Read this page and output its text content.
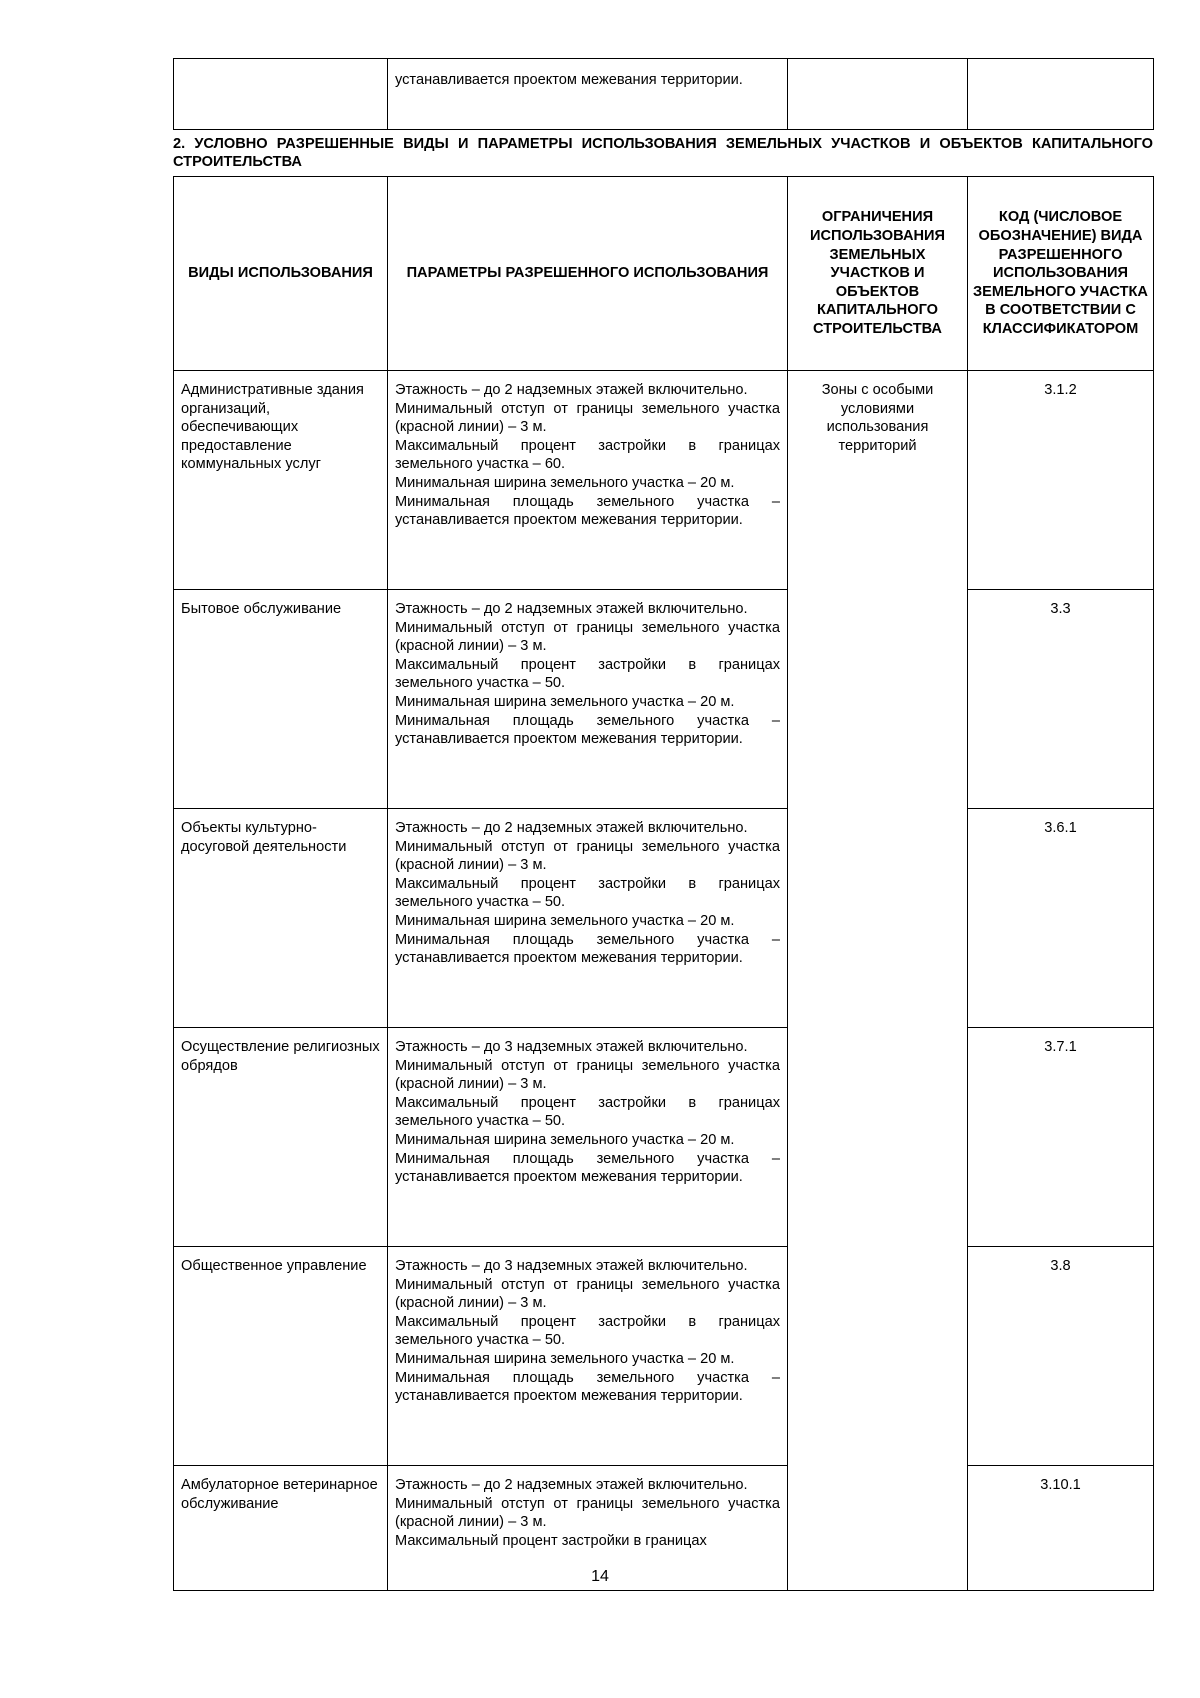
устанавливается проектом межевания территории.

2. УСЛОВНО РАЗРЕШЕННЫЕ ВИДЫ И ПАРАМЕТРЫ ИСПОЛЬЗОВАНИЯ ЗЕМЕЛЬНЫХ УЧАСТКОВ И ОБЪЕКТОВ КАПИТАЛЬНОГО СТРОИТЕЛЬСТВА
ВИДЫ ИСПОЛЬЗОВАНИЯ	ПАРАМЕТРЫ РАЗРЕШЕННОГО ИСПОЛЬЗОВАНИЯ	ОГРАНИЧЕНИЯ ИСПОЛЬЗОВАНИЯ ЗЕМЕЛЬНЫХ УЧАСТКОВ И ОБЪЕКТОВ КАПИТАЛЬНОГО СТРОИТЕЛЬСТВА	КОД (ЧИСЛОВОЕ ОБОЗНАЧЕНИЕ) ВИДА РАЗРЕШЕННОГО ИСПОЛЬЗОВАНИЯ ЗЕМЕЛЬНОГО УЧАСТКА В СООТВЕТСТВИИ С КЛАССИФИКАТОРОМ
Административные здания организаций, обеспечивающих предоставление коммунальных услуг	Этажность – до 2 надземных этажей включительно.
Минимальный отступ от границы земельного участка (красной линии) – 3 м.
Максимальный процент застройки в границах земельного участка – 60.
Минимальная ширина земельного участка – 20 м.
Минимальная площадь земельного участка – устанавливается проектом межевания территории.	Зоны с особыми условиями использования территорий	3.1.2
Бытовое обслуживание	Этажность – до 2 надземных этажей включительно.
Минимальный отступ от границы земельного участка (красной линии) – 3 м.
Максимальный процент застройки в границах земельного участка – 50.
Минимальная ширина земельного участка – 20 м.
Минимальная площадь земельного участка – устанавливается проектом межевания территории.		3.3
Объекты культурно-досуговой деятельности	Этажность – до 2 надземных этажей включительно.
Минимальный отступ от границы земельного участка (красной линии) – 3 м.
Максимальный процент застройки в границах земельного участка – 50.
Минимальная ширина земельного участка – 20 м.
Минимальная площадь земельного участка – устанавливается проектом межевания территории.		3.6.1
Осуществление религиозных обрядов	Этажность – до 3 надземных этажей включительно.
Минимальный отступ от границы земельного участка (красной линии) – 3 м.
Максимальный процент застройки в границах земельного участка – 50.
Минимальная ширина земельного участка – 20 м.
Минимальная площадь земельного участка – устанавливается проектом межевания территории.		3.7.1
Общественное управление	Этажность – до 3 надземных этажей включительно.
Минимальный отступ от границы земельного участка (красной линии) – 3 м.
Максимальный процент застройки в границах земельного участка – 50.
Минимальная ширина земельного участка – 20 м.
Минимальная площадь земельного участка – устанавливается проектом межевания территории.		3.8
Амбулаторное ветеринарное обслуживание	Этажность – до 2 надземных этажей включительно.
Минимальный отступ от границы земельного участка (красной линии) – 3 м.
Максимальный процент застройки в границах		3.10.1
14
